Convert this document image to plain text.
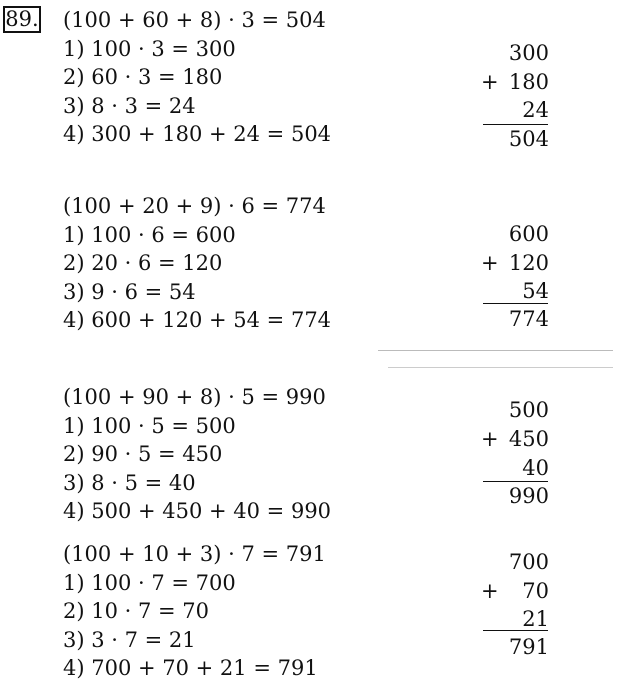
89. (100 + 60 + 8) · 3 = 504
1) 100 · 3 = 300
2) 60 · 3 = 180
3) 8 · 3 = 24
4) 300 + 180 + 24 = 504
300
+ 180
24
504
(100 + 20 + 9) · 6 = 774
1) 100 · 6 = 600
2) 20 · 6 = 120
3) 9 · 6 = 54
4) 600 + 120 + 54 = 774
600
+ 120
54
774
(100 + 90 + 8) · 5 = 990
1) 100 · 5 = 500
2) 90 · 5 = 450
3) 8 · 5 = 40
4) 500 + 450 + 40 = 990
500
+ 450
40
990
(100 + 10 + 3) · 7 = 791
1) 100 · 7 = 700
2) 10 · 7 = 70
3) 3 · 7 = 21
4) 700 + 70 + 21 = 791
700
+	70
21
791
